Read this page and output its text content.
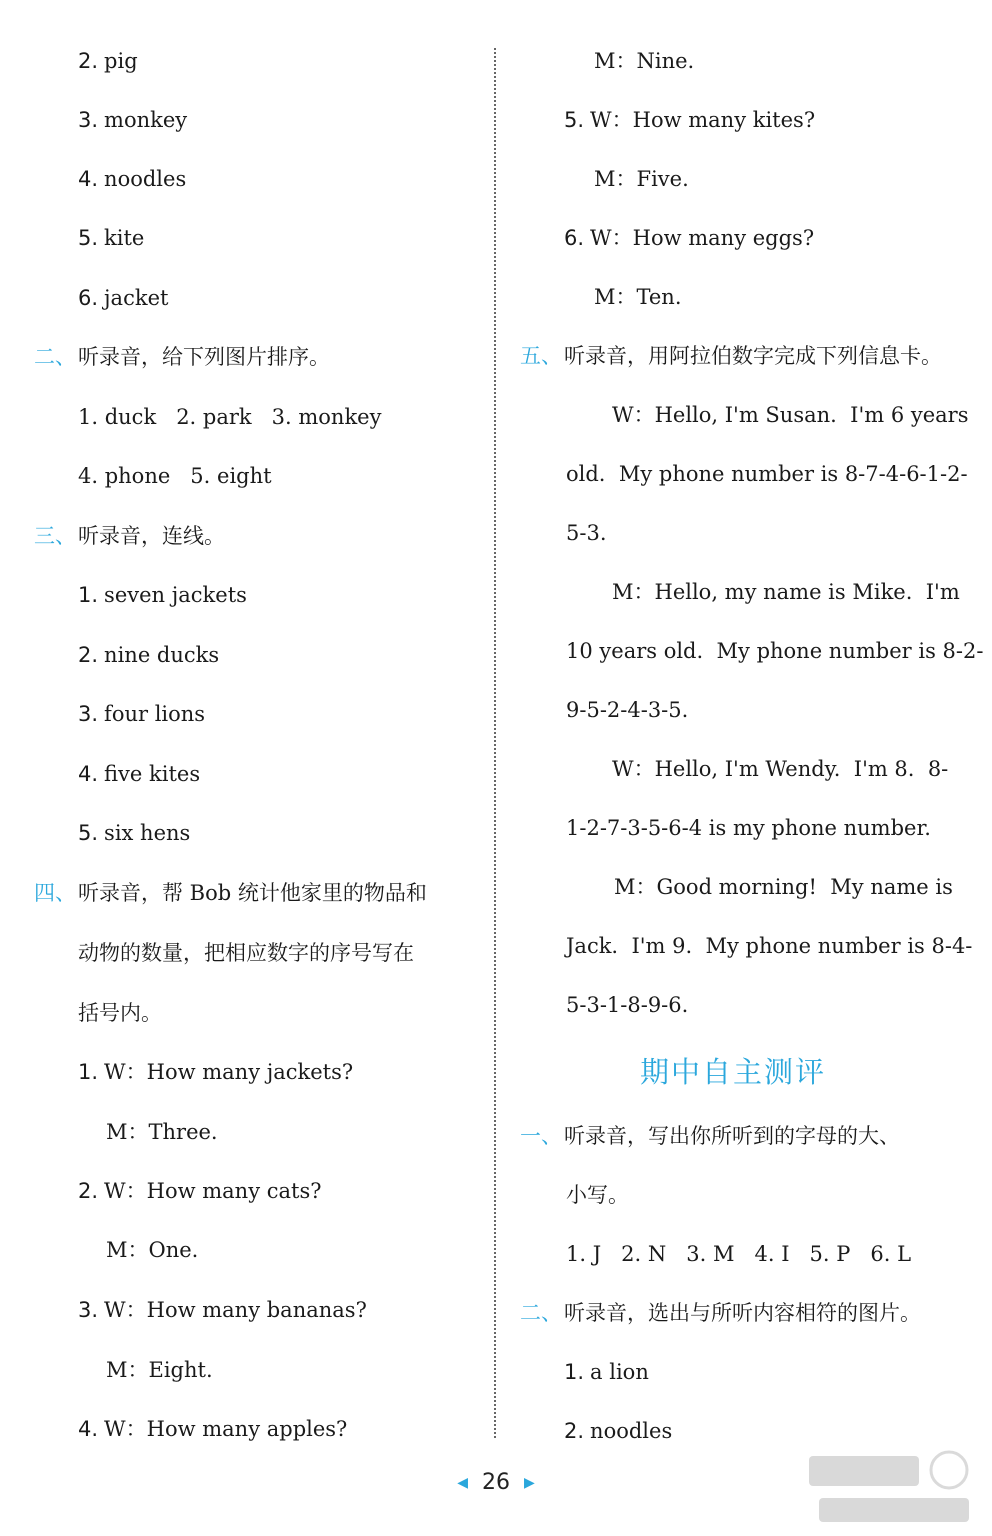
2. pig
3. monkey
4. noodles
5. kite
6. jacket
二、 听录音，给下列图片排序。
1. duck   2. park   3. monkey
4. phone   5. eight
三、 听录音，连线。
1. seven jackets
2. nine ducks
3. four lions
4. five kites
5. six hens
四、 听录音，帮 Bob 统计他家里的物品和
动物的数量，把相应数字的序号写在
括号内。
1. W：How many jackets?
M：Three.
2. W：How many cats?
M：One.
3. W：How many bananas?
M：Eight.
4. W：How many apples?
M：Nine.
5. W：How many kites?
M：Five.
6. W：How many eggs?
M：Ten.
五、 听录音，用阿拉伯数字完成下列信息卡。
W：Hello, I'm Susan.  I'm 6 years
old.  My phone number is 8-7-4-6-1-2-
5-3.
M：Hello, my name is Mike.  I'm
10 years old.  My phone number is 8-2-
9-5-2-4-3-5.
W：Hello, I'm Wendy.  I'm 8.  8-
1-2-7-3-5-6-4 is my phone number.
M：Good morning!  My name is
Jack.  I'm 9.  My phone number is 8-4-
5-3-1-8-9-6.
一、 听录音，写出你所听到的字母的大、
小写。
1. J   2. N   3. M   4. I   5. P   6. L
二、 听录音，选出与所听内容相符的图片。
1. a lion
2. noodles
期中自主测评
◀ 26 ▶
